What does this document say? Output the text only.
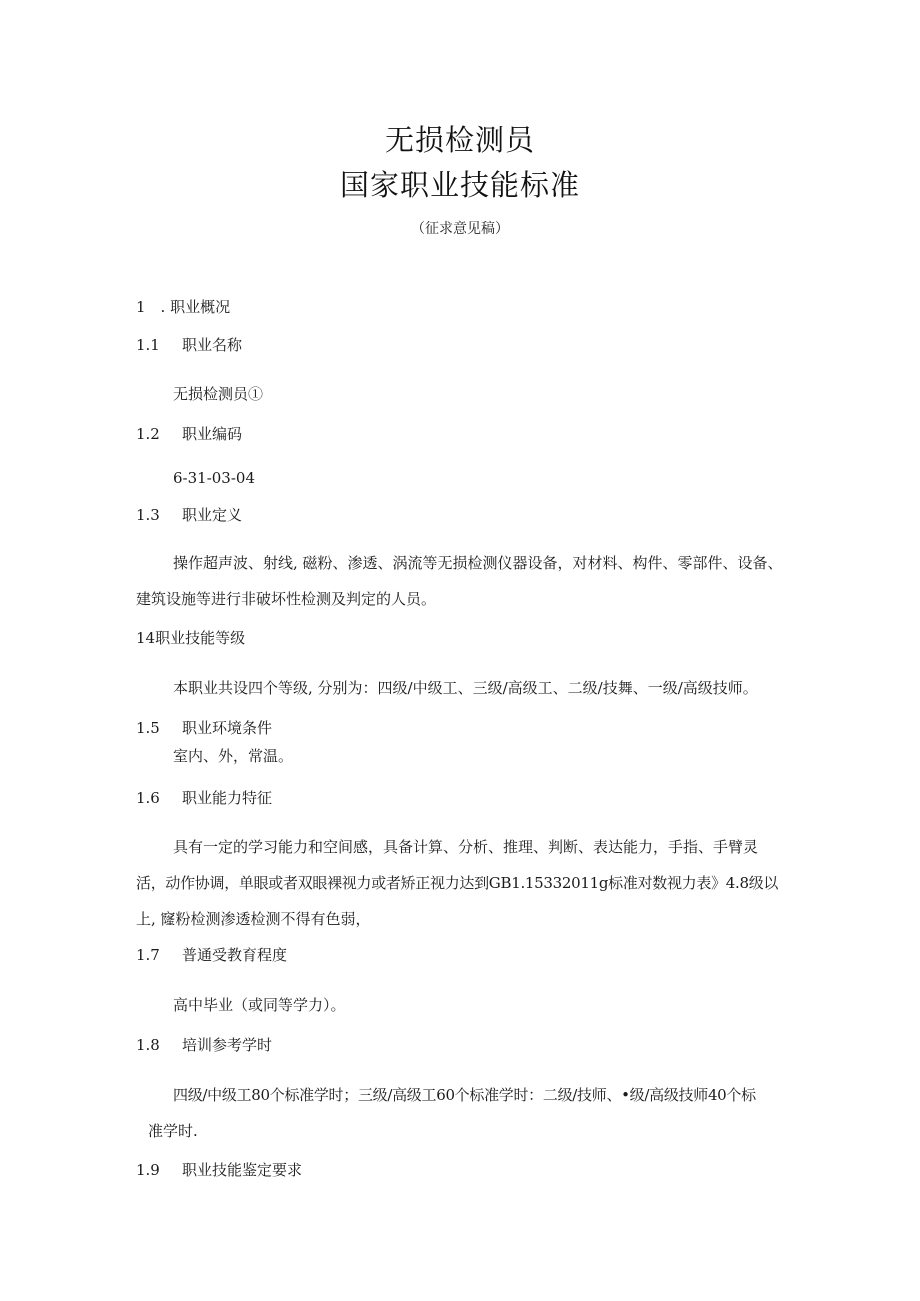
无损检测员
国家职业技能标准
（征求意见稿）
1　. 职业概况
1.1 职业名称
无损检测员①
1.2 职业编码
6-31-03-04
1.3 职业定义
操作超声波、射线, 磁粉、渗透、涡流等无损检测仪器设备，对材料、构件、零部件、设备、
建筑设施等进行非破坏性检测及判定的人员。
14职业技能等级
本职业共设四个等级, 分别为：四级/中级工、三级/高级工、二级/技舞、一级/高级技师。
1.5 职业环境条件
室内、外，常温。
1.6 职业能力特征
具有一定的学习能力和空间感，具备计算、分析、推理、判断、表达能力，手指、手臂灵
活，动作协调，单眼或者双眼裸视力或者矫正视力达到GB1.15332011g标准对数视力表》4.8级以
上, 窿粉检测渗透检测不得有色弱，
1.7 普通受教育程度
高中毕业（或同等学力）。
1.8 培训参考学时
四级/中级工80个标准学时；三级/高级工60个标准学时：二级/技师、•级/高级技师40个标
准学时.
1.9 职业技能鉴定要求
